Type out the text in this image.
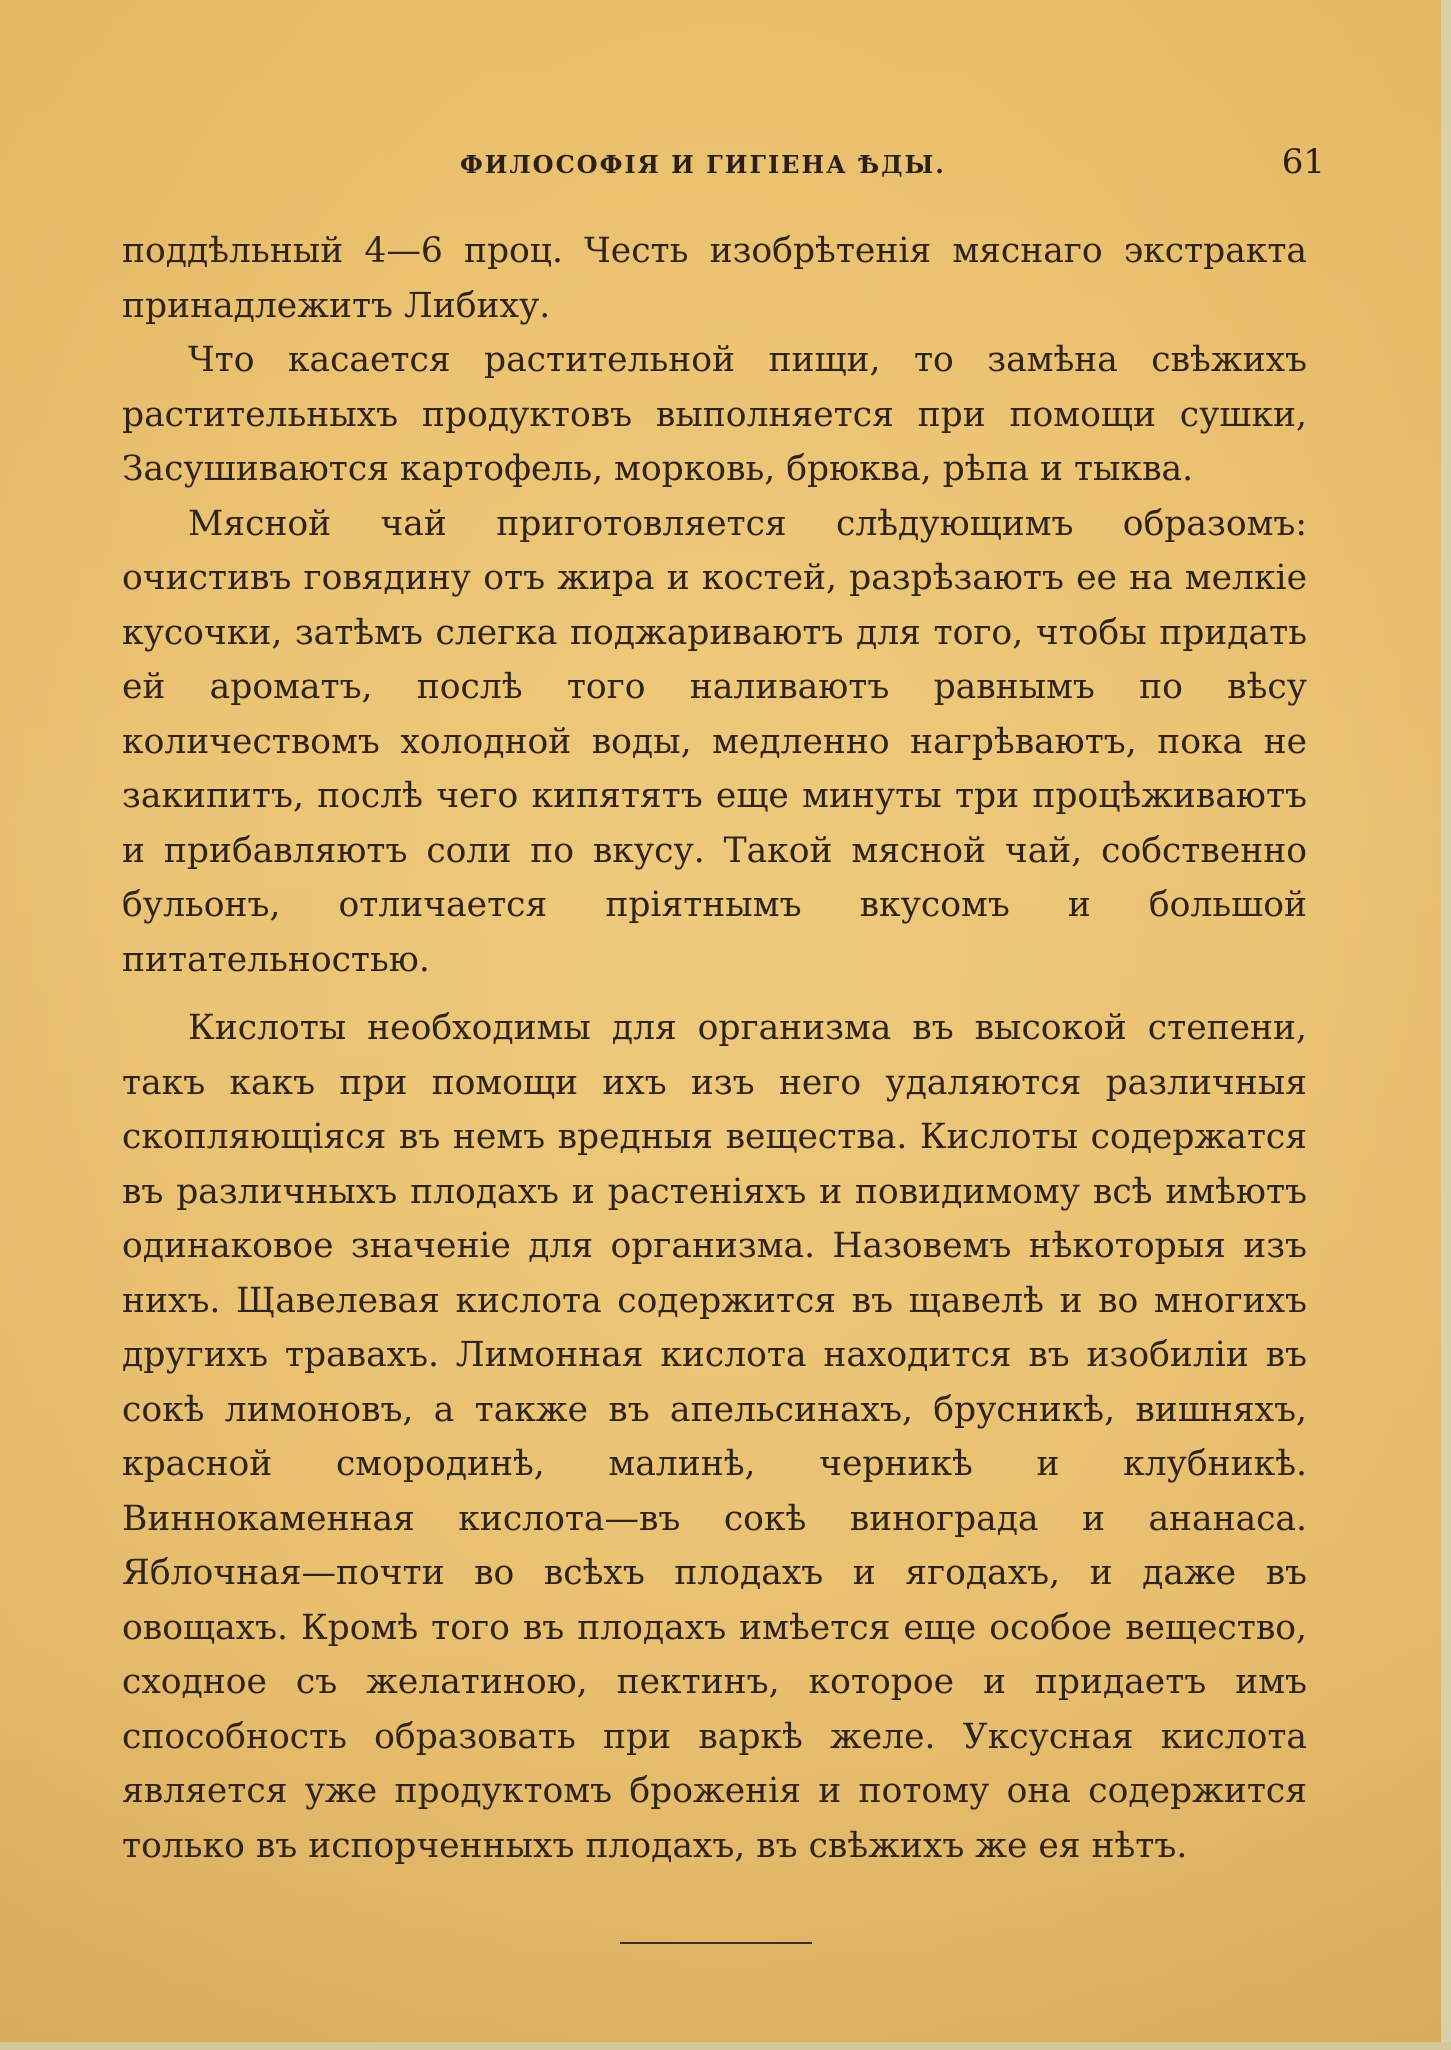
ФИЛОСОФІЯ И ГИГІЕНА ѢДЫ.	61

поддѣльный 4—6 проц. Честь изобрѣтенія мяснаго экстракта принадлежитъ Либиху.

Что касается растительной пищи, то замѣна свѣжихъ растительныхъ продуктовъ выполняется при помощи сушки, Засушиваются картофель, морковь, брюква, рѣпа и тыква.

Мясной чай приготовляется слѣдующимъ образомъ: очистивъ говядину отъ жира и костей, разрѣзаютъ ее на мелкіе кусочки, затѣмъ слегка поджариваютъ для того, чтобы придать ей ароматъ, послѣ того наливаютъ равнымъ по вѣсу количествомъ холодной воды, медленно нагрѣваютъ, пока не закипитъ, послѣ чего кипятятъ еще минуты три процѣживаютъ и прибавляютъ соли по вкусу. Такой мясной чай, собственно бульонъ, отличается пріятнымъ вкусомъ и большой питательностью.

Кислоты необходимы для организма въ высокой степени, такъ какъ при помощи ихъ изъ него удаляются различныя скопляющіяся въ немъ вредныя вещества. Кислоты содержатся въ различныхъ плодахъ и растеніяхъ и повидимому всѣ имѣютъ одинаковое значеніе для организма. Назовемъ нѣкоторыя изъ нихъ. Щавелевая кислота содержится въ щавелѣ и во многихъ другихъ травахъ. Лимонная кислота находится въ изобиліи въ сокѣ лимоновъ, а также въ апельсинахъ, брусникѣ, вишняхъ, красной смородинѣ, малинѣ, черникѣ и клубникѣ. Виннокаменная кислота—въ сокѣ винограда и ананаса. Яблочная—почти во всѣхъ плодахъ и ягодахъ, и даже въ овощахъ. Кромѣ того въ плодахъ имѣется еще особое вещество, сходное съ желатиною, пектинъ, которое и придаетъ имъ способность образовать при варкѣ желе. Уксусная кислота является уже продуктомъ броженія и потому она содержится только въ испорченныхъ плодахъ, въ свѣжихъ же ея нѣтъ.
